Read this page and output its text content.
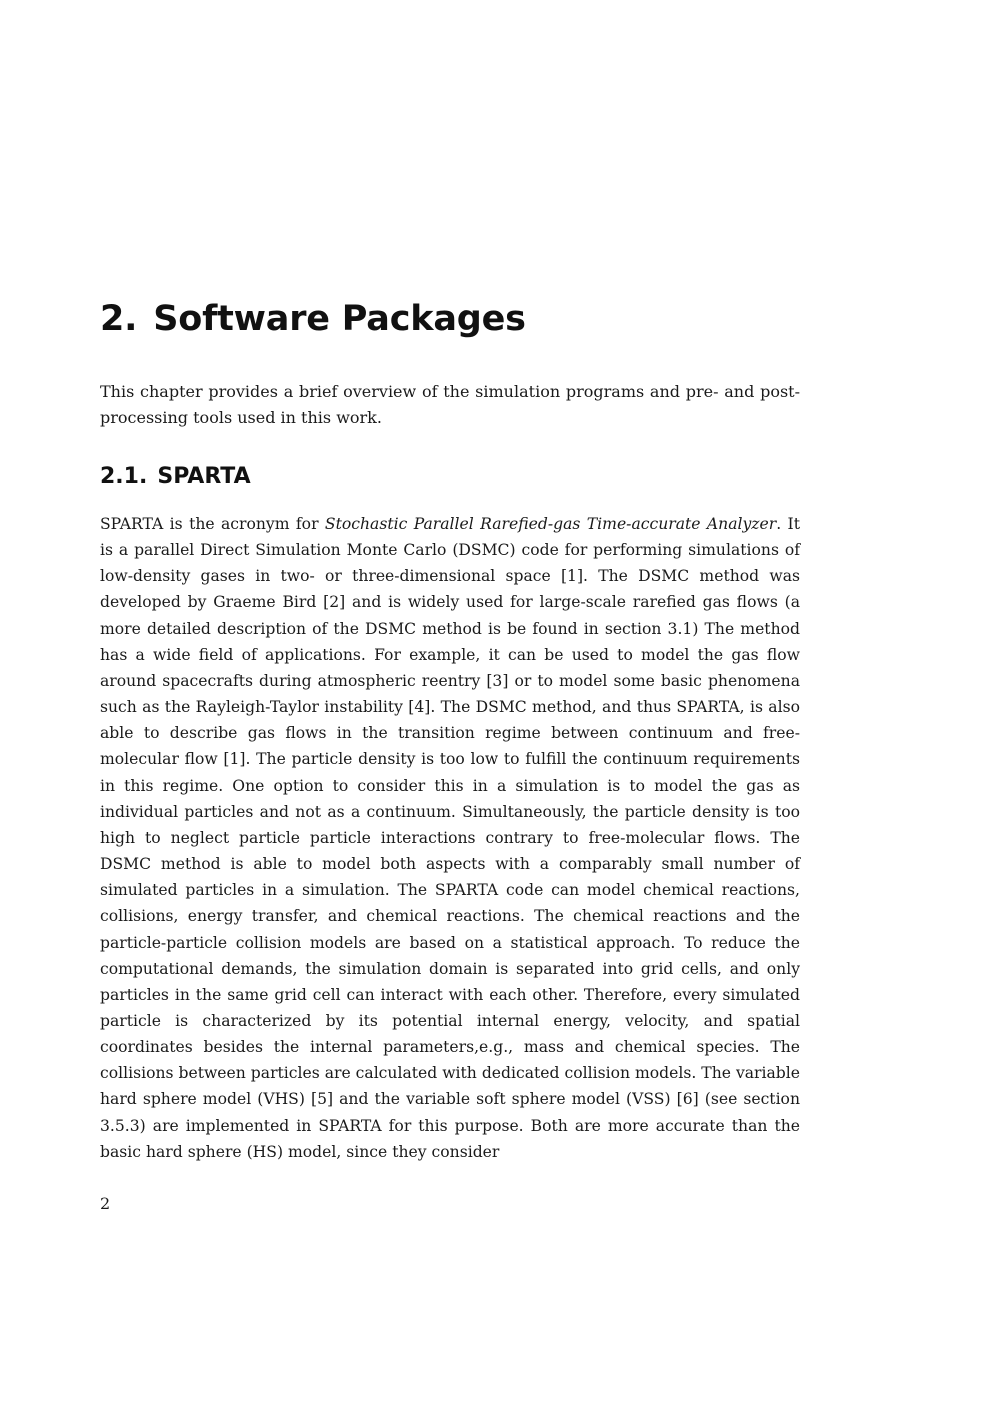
2. Software Packages

This chapter provides a brief overview of the simulation programs and pre- and post-processing tools used in this work.

2.1. SPARTA

SPARTA is the acronym for Stochastic Parallel Rarefied-gas Time-accurate Analyzer. It is a parallel Direct Simulation Monte Carlo (DSMC) code for performing simulations of low-density gases in two- or three-dimensional space [1]. The DSMC method was developed by Graeme Bird [2] and is widely used for large-scale rarefied gas flows (a more detailed description of the DSMC method is be found in section 3.1) The method has a wide field of applications. For example, it can be used to model the gas flow around spacecrafts during atmospheric reentry [3] or to model some basic phenomena such as the Rayleigh-Taylor instability [4]. The DSMC method, and thus SPARTA, is also able to describe gas flows in the transition regime between continuum and free-molecular flow [1]. The particle density is too low to fulfill the continuum requirements in this regime. One option to consider this in a simulation is to model the gas as individual particles and not as a continuum. Simultaneously, the particle density is too high to neglect particle particle interactions contrary to free-molecular flows. The DSMC method is able to model both aspects with a comparably small number of simulated particles in a simulation. The SPARTA code can model chemical reactions, collisions, energy transfer, and chemical reactions. The chemical reactions and the particle-particle collision models are based on a statistical approach. To reduce the computational demands, the simulation domain is separated into grid cells, and only particles in the same grid cell can interact with each other. Therefore, every simulated particle is characterized by its potential internal energy, velocity, and spatial coordinates besides the internal parameters,e.g., mass and chemical species. The collisions between particles are calculated with dedicated collision models. The variable hard sphere model (VHS) [5] and the variable soft sphere model (VSS) [6] (see section 3.5.3) are implemented in SPARTA for this purpose. Both are more accurate than the basic hard sphere (HS) model, since they consider

2
